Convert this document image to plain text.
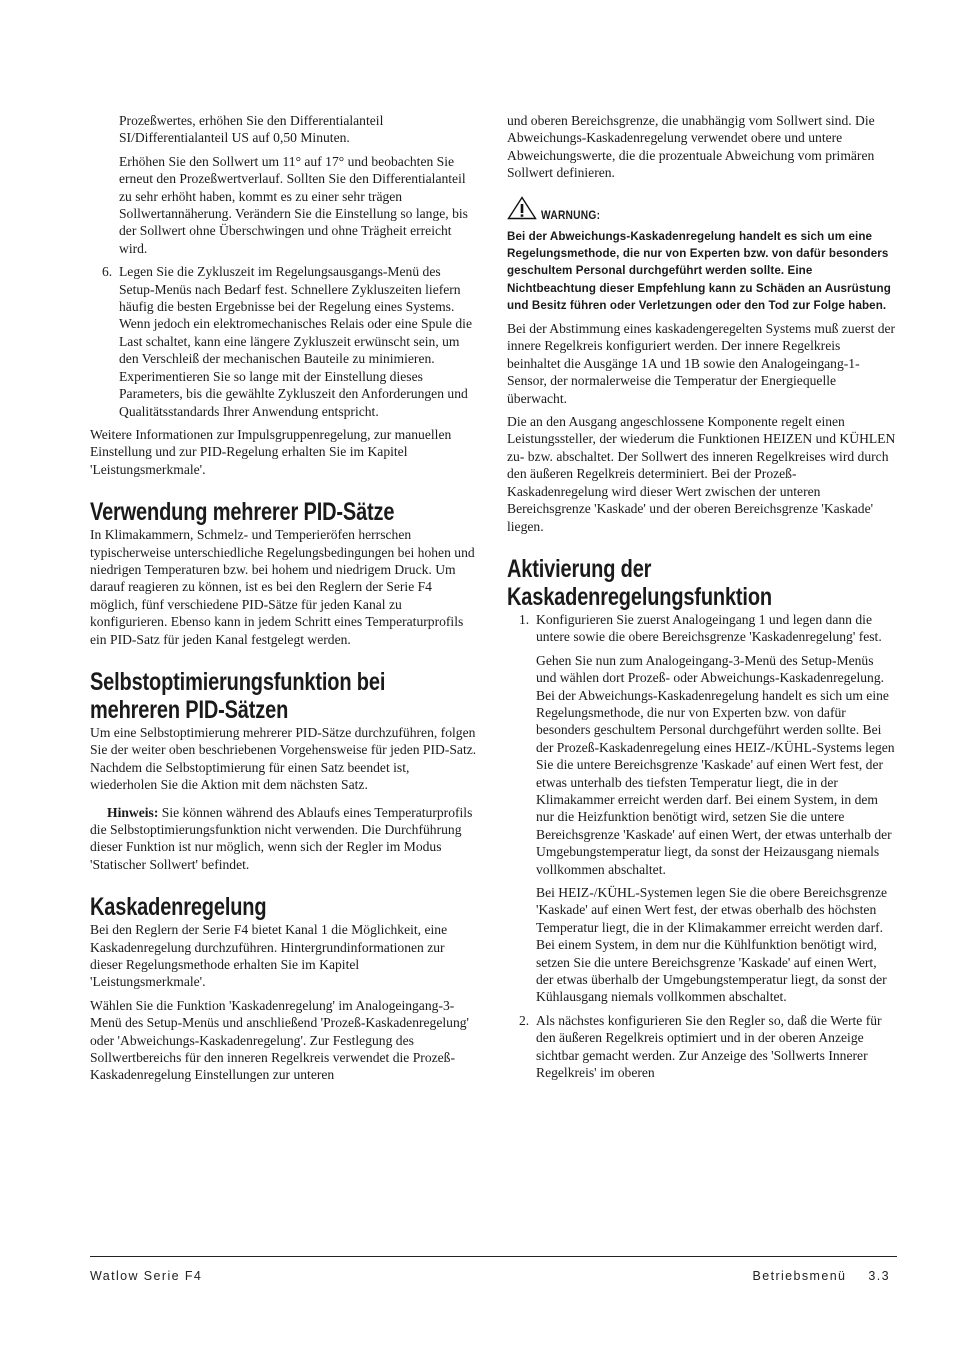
Prozeßwertes, erhöhen Sie den Differentialanteil SI/Differentialanteil US auf 0,50 Minuten.

Erhöhen Sie den Sollwert um 11° auf 17° und beobachten Sie erneut den Prozeßwertverlauf. Sollten Sie den Differentialanteil zu sehr erhöht haben, kommt es zu einer sehr trägen Sollwertannäherung. Verändern Sie die Einstellung so lange, bis der Sollwert ohne Überschwingen und ohne Trägheit erreicht wird.

6. Legen Sie die Zykluszeit im Regelungsausgangs-Menü des Setup-Menüs nach Bedarf fest. Schnellere Zykluszeiten liefern häufig die besten Ergebnisse bei der Regelung eines Systems. Wenn jedoch ein elektromechanisches Relais oder eine Spule die Last schaltet, kann eine längere Zykluszeit erwünscht sein, um den Verschleiß der mechanischen Bauteile zu minimieren. Experimentieren Sie so lange mit der Einstellung dieses Parameters, bis die gewählte Zykluszeit den Anforderungen und Qualitätsstandards Ihrer Anwendung entspricht.

Weitere Informationen zur Impulsgruppenregelung, zur manuellen Einstellung und zur PID-Regelung erhalten Sie im Kapitel 'Leistungsmerkmale'.

Verwendung mehrerer PID-Sätze

In Klimakammern, Schmelz- und Temperieröfen herrschen typischerweise unterschiedliche Regelungsbedingungen bei hohen und niedrigen Temperaturen bzw. bei hohem und niedrigem Druck. Um darauf reagieren zu können, ist es bei den Reglern der Serie F4 möglich, fünf verschiedene PID-Sätze für jeden Kanal zu konfigurieren. Ebenso kann in jedem Schritt eines Temperaturprofils ein PID-Satz für jeden Kanal festgelegt werden.

Selbstoptimierungsfunktion bei
mehreren PID-Sätzen

Um eine Selbstoptimierung mehrerer PID-Sätze durchzuführen, folgen Sie der weiter oben beschriebenen Vorgehensweise für jeden PID-Satz. Nachdem die Selbstoptimierung für einen Satz beendet ist, wiederholen Sie die Aktion mit dem nächsten Satz.

Hinweis: Sie können während des Ablaufs eines Temperaturprofils die Selbstoptimierungsfunktion nicht verwenden. Die Durchführung dieser Funktion ist nur möglich, wenn sich der Regler im Modus 'Statischer Sollwert' befindet.

Kaskadenregelung

Bei den Reglern der Serie F4 bietet Kanal 1 die Möglichkeit, eine Kaskadenregelung durchzuführen. Hintergrundinformationen zur dieser Regelungsmethode erhalten Sie im Kapitel 'Leistungsmerkmale'.

Wählen Sie die Funktion 'Kaskadenregelung' im Analogeingang-3-Menü des Setup-Menüs und anschließend 'Prozeß-Kaskadenregelung' oder 'Abweichungs-Kaskadenregelung'. Zur Festlegung des Sollwertbereichs für den inneren Regelkreis verwendet die Prozeß-Kaskadenregelung Einstellungen zur unteren

und oberen Bereichsgrenze, die unabhängig vom Sollwert sind. Die Abweichungs-Kaskadenregelung verwendet obere und untere Abweichungswerte, die die prozentuale Abweichung vom primären Sollwert definieren.

WARNUNG:

Bei der Abweichungs-Kaskadenregelung handelt es sich um eine Regelungsmethode, die nur von Experten bzw. von dafür besonders geschultem Personal durchgeführt werden sollte. Eine Nichtbeachtung dieser Empfehlung kann zu Schäden an Ausrüstung und Besitz führen oder Verletzungen oder den Tod zur Folge haben.

Bei der Abstimmung eines kaskadengeregelten Systems muß zuerst der innere Regelkreis konfiguriert werden. Der innere Regelkreis beinhaltet die Ausgänge 1A und 1B sowie den Analogeingang-1-Sensor, der normalerweise die Temperatur der Energiequelle überwacht.

Die an den Ausgang angeschlossene Komponente regelt einen Leistungssteller, der wiederum die Funktionen HEIZEN und KÜHLEN zu- bzw. abschaltet. Der Sollwert des inneren Regelkreises wird durch den äußeren Regelkreis determiniert. Bei der Prozeß-Kaskadenregelung wird dieser Wert zwischen der unteren Bereichsgrenze 'Kaskade' und der oberen Bereichsgrenze 'Kaskade' liegen.

Aktivierung der
Kaskadenregelungsfunktion
1. Konfigurieren Sie zuerst Analogeingang 1 und legen dann die untere sowie die obere Bereichsgrenze 'Kaskadenregelung' fest.

Gehen Sie nun zum Analogeingang-3-Menü des Setup-Menüs und wählen dort Prozeß- oder Abweichungs-Kaskadenregelung. Bei der Abweichungs-Kaskadenregelung handelt es sich um eine Regelungsmethode, die nur von Experten bzw. von dafür besonders geschultem Personal durchgeführt werden sollte. Bei der Prozeß-Kaskadenregelung eines HEIZ-/KÜHL-Systems legen Sie die untere Bereichsgrenze 'Kaskade' auf einen Wert fest, der etwas unterhalb des tiefsten Temperatur liegt, die in der Klimakammer erreicht werden darf. Bei einem System, in dem nur die Heizfunktion benötigt wird, setzen Sie die untere Bereichsgrenze 'Kaskade' auf einen Wert, der etwas unterhalb der Umgebungstemperatur liegt, da sonst der Heizausgang niemals vollkommen abschaltet.

Bei HEIZ-/KÜHL-Systemen legen Sie die obere Bereichsgrenze 'Kaskade' auf einen Wert fest, der etwas oberhalb des höchsten Temperatur liegt, die in der Klimakammer erreicht werden darf. Bei einem System, in dem nur die Kühlfunktion benötigt wird, setzen Sie die untere Bereichsgrenze 'Kaskade' auf einen Wert, der etwas überhalb der Umgebungstemperatur liegt, da sonst der Kühlausgang niemals vollkommen abschaltet.

2. Als nächstes konfigurieren Sie den Regler so, daß die Werte für den äußeren Regelkreis optimiert und in der oberen Anzeige sichtbar gemacht werden. Zur Anzeige des 'Sollwerts Innerer Regelkreis' im oberen
Watlow Serie F4	Betriebsmenü 3.3
